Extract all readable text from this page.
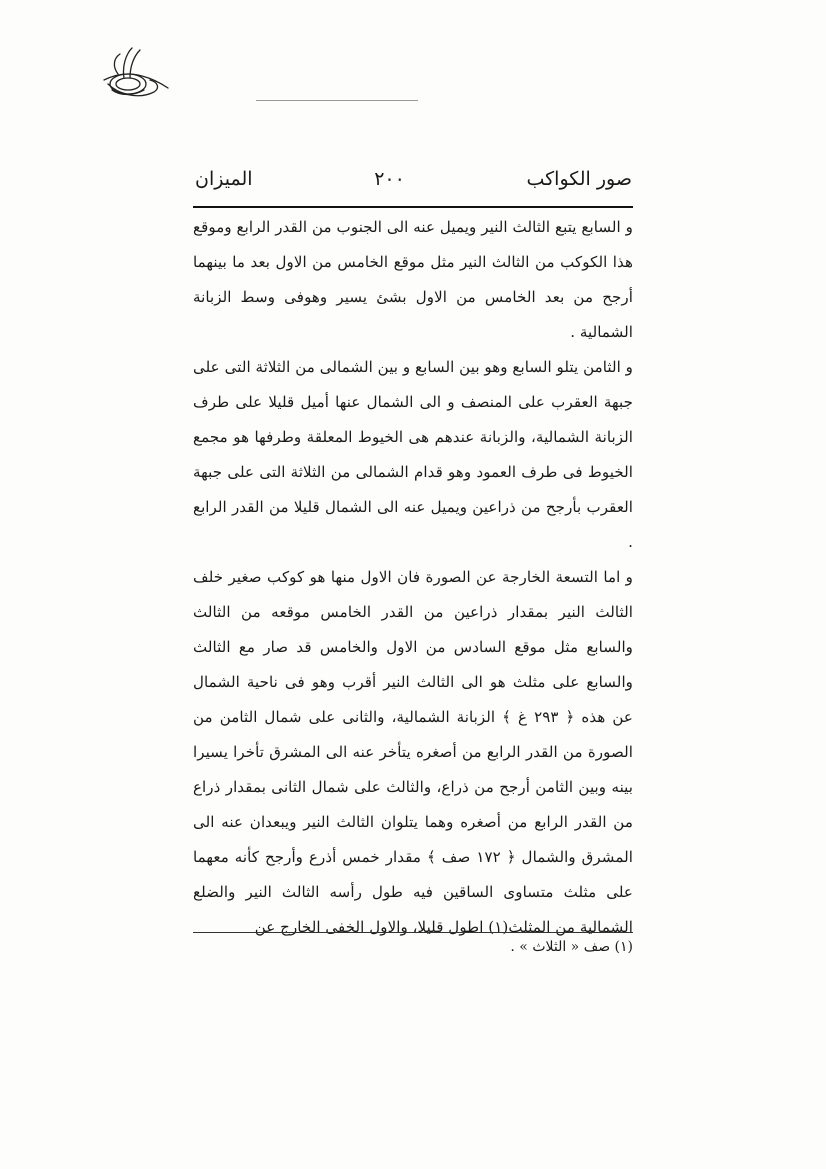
صور الكواكب
٢٠٠
الميزان

و السابع يتبع الثالث النير ويميل عنه الى الجنوب من القدر الرابع وموقع هذا الكوكب من الثالث النير مثل موقع الخامس من الاول بعد ما بينهما أرجح من بعد الخامس من الاول بشئ يسير وهوفى وسط الزبانة الشمالية .

و الثامن يتلو السابع وهو بين السابع و بين الشمالى من الثلاثة التى على جبهة العقرب على المنصف و الى الشمال عنها أميل قليلا على طرف الزبانة الشمالية، والزبانة عندهم هى الخيوط المعلقة وطرفها هو مجمع الخيوط فى طرف العمود وهو قدام الشمالى من الثلاثة التى على جبهة العقرب بأرجح من ذراعين ويميل عنه الى الشمال قليلا من القدر الرابع .

و اما التسعة الخارجة عن الصورة فان الاول منها هو كوكب صغير خلف الثالث النير بمقدار ذراعين من القدر الخامس موقعه من الثالث والسابع مثل موقع السادس من الاول والخامس قد صار مع الثالث والسابع على مثلث هو الى الثالث النير أقرب وهو فى ناحية الشمال عن هذه ﴿ ٢٩٣ غ ﴾ الزبانة الشمالية، والثانى على شمال الثامن من الصورة من القدر الرابع من أصغره يتأخر عنه الى المشرق تأخرا يسيرا بينه وبين الثامن أرجح من ذراع، والثالث على شمال الثانى بمقدار ذراع من القدر الرابع من أصغره وهما يتلوان الثالث النير ويبعدان عنه الى المشرق والشمال ﴿ ١٧٢ صف ﴾ مقدار خمس أذرع وأرجح كأنه معهما على مثلث متساوى الساقين فيه طول رأسه الثالث النير والضلع الشمالية من المثلث(١) اطول قليلا، والاول الخفى الخارج عن

(١) صف « الثلاث » .
